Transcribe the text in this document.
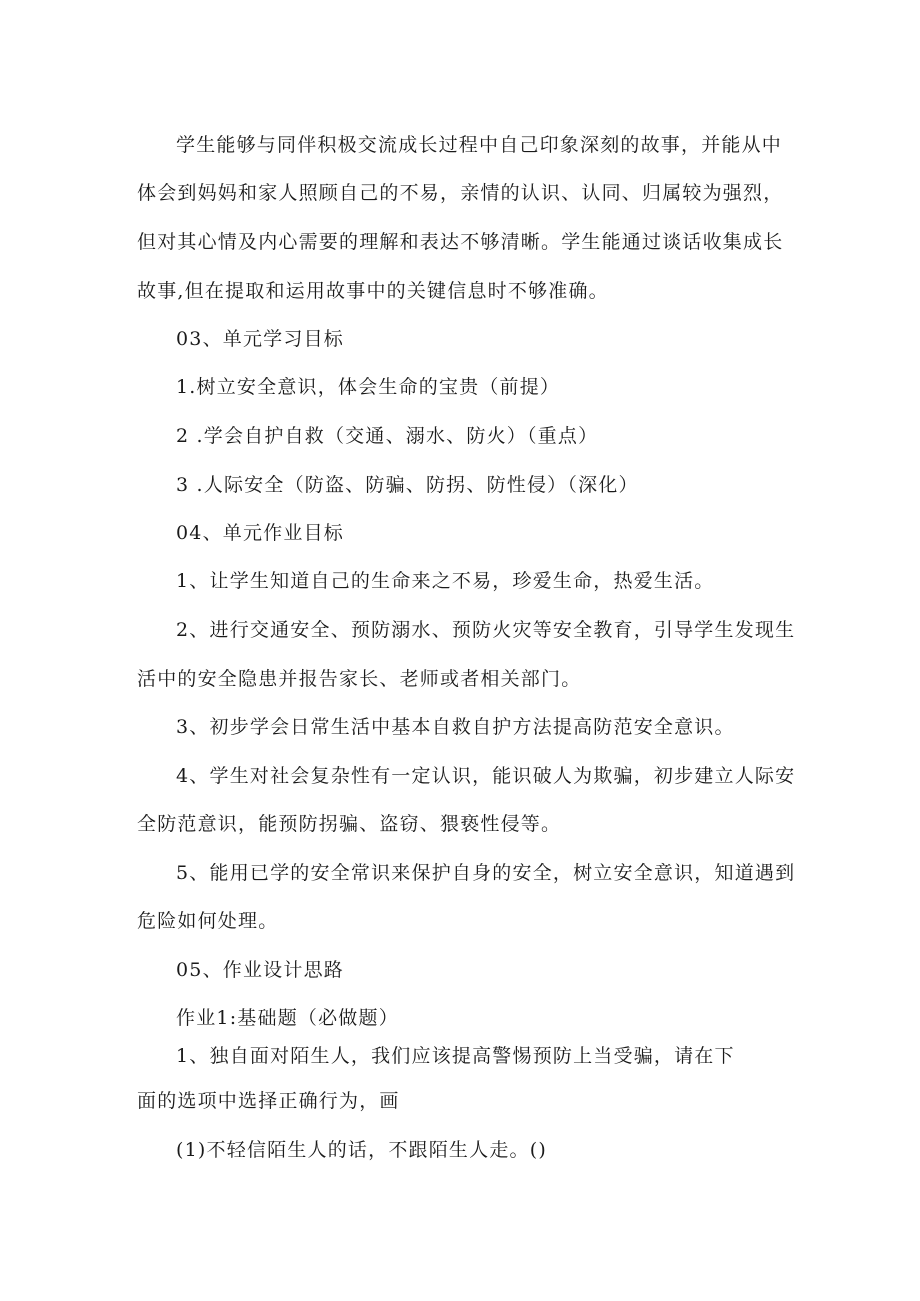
学生能够与同伴积极交流成长过程中自己印象深刻的故事，并能从中
体会到妈妈和家人照顾自己的不易，亲情的认识、认同、归属较为强烈，
但对其心情及内心需要的理解和表达不够清晰。学生能通过谈话收集成长
故事,但在提取和运用故事中的关键信息时不够准确。
03、单元学习目标
1.树立安全意识，体会生命的宝贵（前提）
2 .学会自护自救（交通、溺水、防火）（重点）
3 .人际安全（防盗、防骗、防拐、防性侵）（深化）
04、单元作业目标
1、让学生知道自己的生命来之不易，珍爱生命，热爱生活。
2、进行交通安全、预防溺水、预防火灾等安全教育，引导学生发现生
活中的安全隐患并报告家长、老师或者相关部门。
3、初步学会日常生活中基本自救自护方法提高防范安全意识。
4、学生对社会复杂性有一定认识，能识破人为欺骗，初步建立人际安
全防范意识，能预防拐骗、盗窃、猥亵性侵等。
5、能用已学的安全常识来保护自身的安全，树立安全意识，知道遇到
危险如何处理。
05、作业设计思路
作业1:基础题（必做题）
1、独自面对陌生人，我们应该提高警惕预防上当受骗，请在下
面的选项中选择正确行为，画
(1)不轻信陌生人的话，不跟陌生人走。()
